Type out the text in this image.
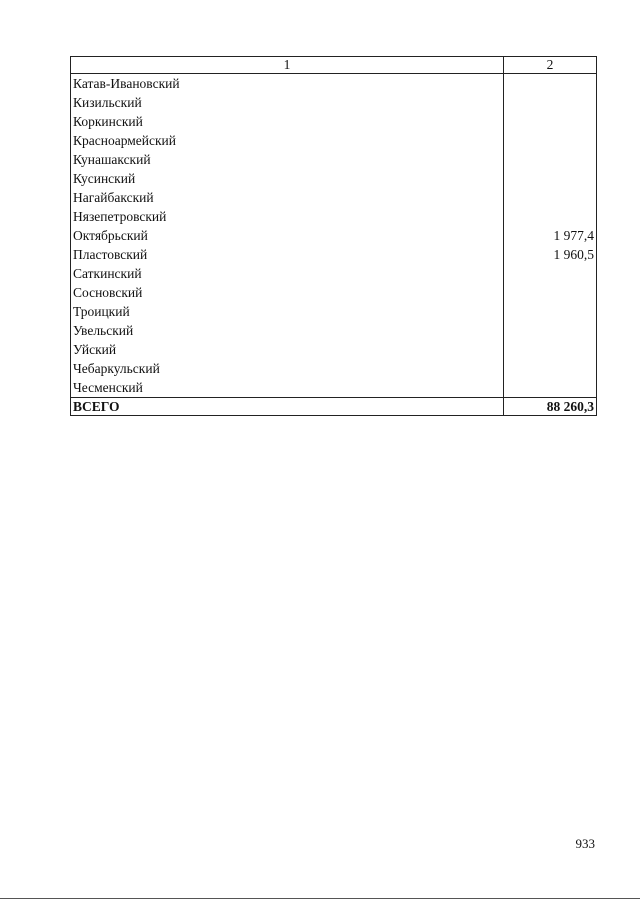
1	2
Катав-Ивановский	
Кизильский	
Коркинский	
Красноармейский	
Кунашакский	
Кусинский	
Нагайбакский	
Нязепетровский	
Октябрьский	1 977,4
Пластовский	1 960,5
Саткинский	
Сосновский	
Троицкий	
Увельский	
Уйский	
Чебаркульский	
Чесменский	
ВСЕГО	88 260,3
933
